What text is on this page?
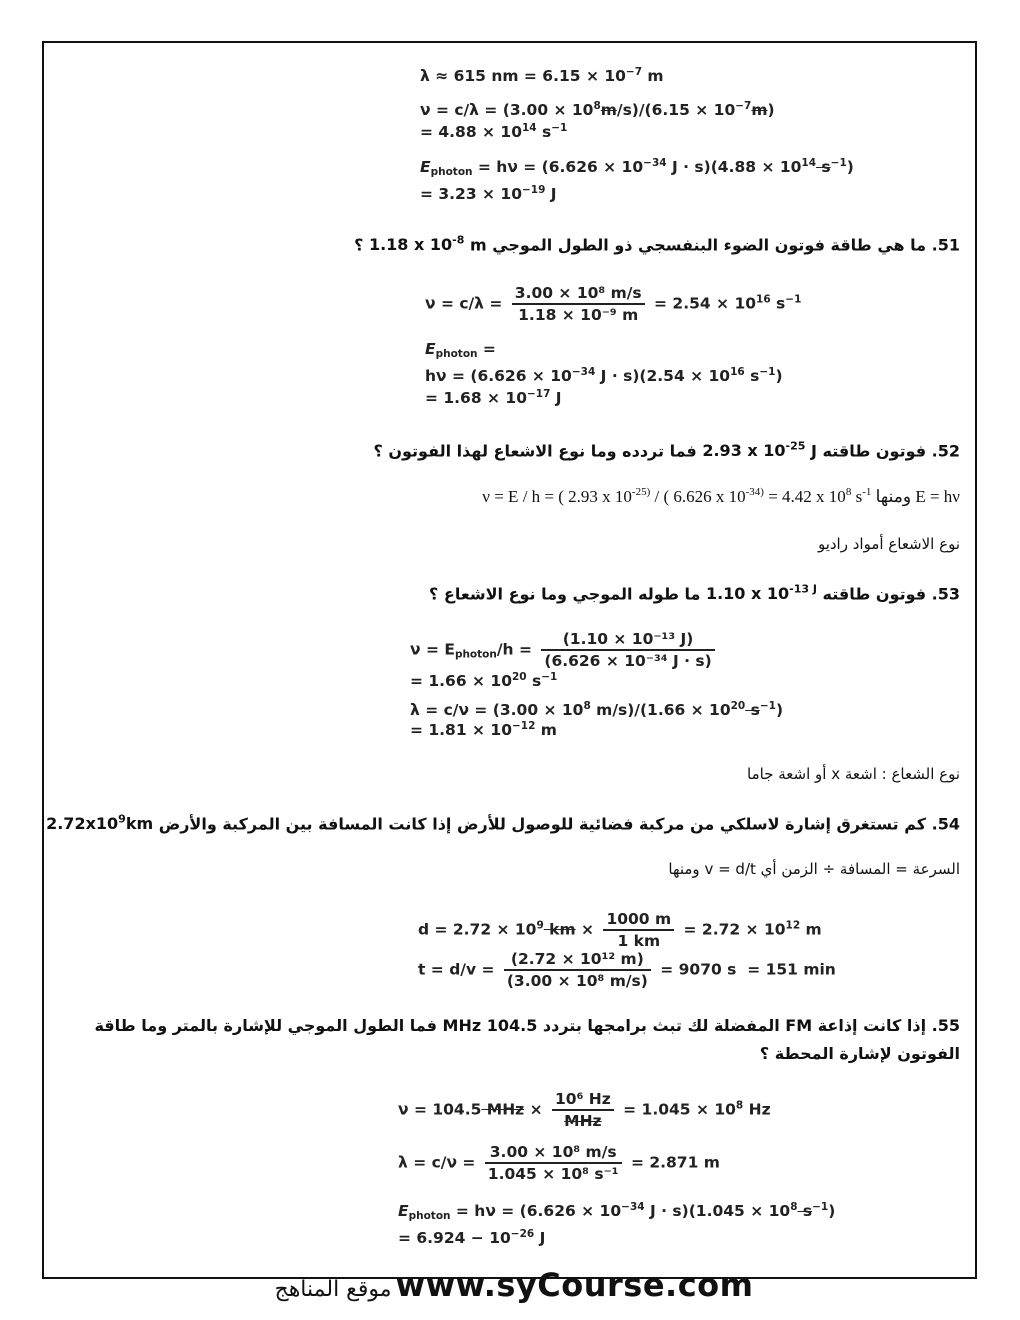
λ ≈ 615 nm = $6.15 \times 10^{-7}$ m
$\nu = c/\lambda = (3.00 \times 10^8m/s)/(6.15 \times 10^{-7}m)$
= $4.88 \times 10^{14}$ $s^{-1}$
$E_{photon} = h\nu = (6.626 \times 10^{-34}$ $J \cdot s)(4.88 \times 10^{14}$ $s^{-1}$)
= $3.23 \times 10^{-19}$ J
51. ما هي طاقة فوتون الضوء البنفسجي ذو الطول الموجي 1.18 x $10^{-8}$ m ؟
$\nu = c/\lambda = \frac{\text{3.00 × 10⁸ m/s}}{\text{1.18 × 10⁻⁹ m}} = 2.54 \times 10^{16}$ $s^{-1}$
$E_{photon}$ =
$h\nu = (6.626 \times 10^{-34}$ $J \cdot s)(2.54 \times 10^{16}$ $s^{-1}$)
= $1.68 \times 10^{-17}$ J
52. فوتون طاقته 2.93 x $10^{-25}$ J فما تردده وما نوع الاشعاع لهذا الفوتون ؟
ν = E / h = ( 2.93 x $10^{-25)}$ / ( 6.626 x $10^{-34)} = 4.42$ x $10^8$ $s^{-1}$ ومنها E = hν
نوع الاشعاع أمواد راديو
53. فوتون طاقته 1.10 x $10^{-13 J}$ ما طوله الموجي وما نوع الاشعاع ؟
$\nu = E_{photon}/h = \frac{\text{(1.10 × 10⁻¹³ J)}}{\text{(6.626 × 10⁻³⁴ J · s)}}$
= $1.66 \times 10^{20}$ $s^{-1}$
$\lambda = c/\nu = (3.00 \times 10^8$ $m/s)/(1.66 \times 10^{20}$ $s^{-1}$)
= $1.81 \times 10^{-12}$ m
نوع الشعاع : اشعة x أو اشعة جاما
54. كم تستغرق إشارة لاسلكي من مركبة فضائية للوصول للأرض إذا كانت المسافة بين المركبة والأرض $2.72x10^9km$
السرعة = المسافة ÷ الزمن أي v = d/t ومنها
$d = 2.72 \times 10^9$ km × $\frac{1000 m}{1 km} = 2.72 \times 10^{12}$ m
$t = d/v = \frac{\text{(2.72 × 10¹² m)}}{\text{(3.00 × 10⁸ m/s)}} = 9070$ s = 151 min
55. إذا كانت إذاعة FM المفضلة لك تبث برامجها بتردد 104.5 MHz فما الطول الموجي للإشارة بالمتر وما طاقة
الفوتون لإشارة المحطة ؟
ν = 104.5 MHz × $\frac{\text{10⁶ Hz}}{\text{MHz}} = 1.045 \times 10^8$ Hz
$\lambda = c/\nu = \frac{\text{3.00 × 10⁸ m/s}}{\text{1.045 × 10⁸ s⁻¹}} = 2.871$ m
$E_{photon} = h\nu = (6.626 \times 10^{-34}$ $J \cdot s)(1.045 \times 10^8$ $s^{-1}$)
= $6.924 - 10^{-26}$ J
موقع المناهج www.syCourse.com
